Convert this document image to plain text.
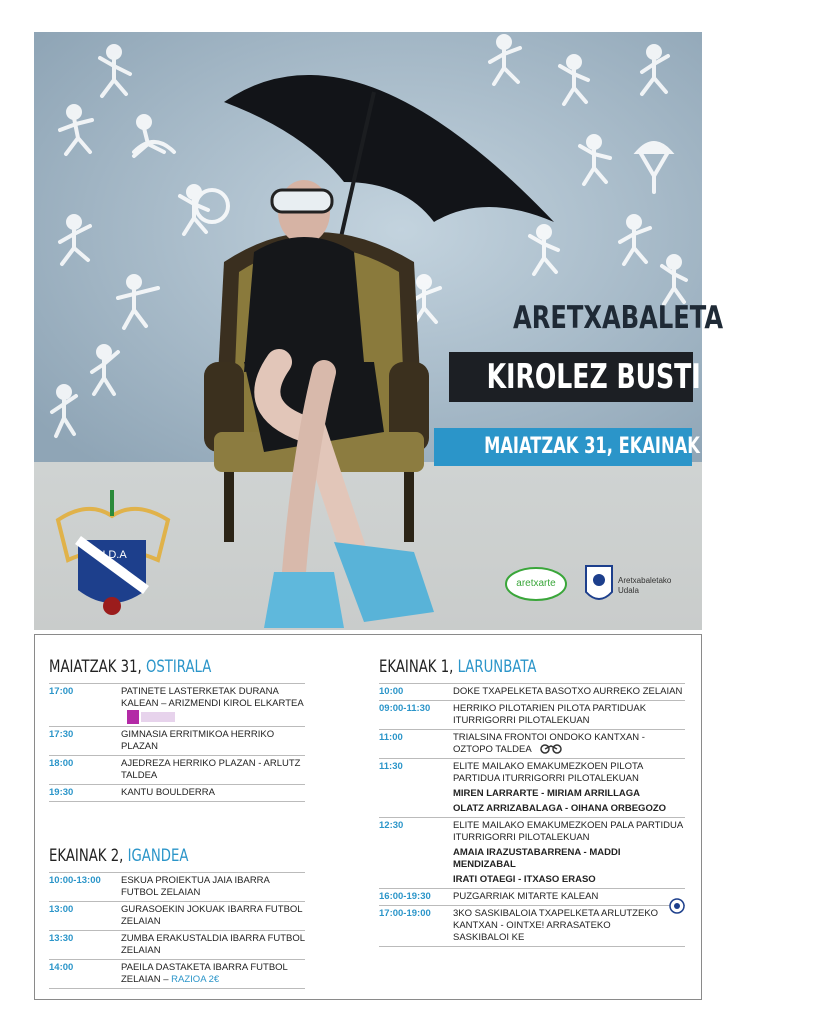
ARETXABALETA
KIROLEZ BUSTI
MAIATZAK 31, EKAINAK 1 eta 2
U.D.A
aretxarte	Aretxabaletako
Udala
MAIATZAK 31, OSTIRALA
17:00	PATINETE LASTERKETAK DURANA KALEAN – ARIZMENDI KIROL ELKARTEA
17:30	GIMNASIA ERRITMIKOA HERRIKO PLAZAN
18:00	AJEDREZA HERRIKO PLAZAN - ARLUTZ TALDEA
19:30	KANTU BOULDERRA
EKAINAK 2, IGANDEA
10:00-13:00	ESKUA PROIEKTUA JAIA IBARRA FUTBOL ZELAIAN
13:00	GURASOEKIN JOKUAK IBARRA FUTBOL ZELAIAN
13:30	ZUMBA ERAKUSTALDIA IBARRA FUTBOL ZELAIAN
14:00	PAEILA DASTAKETA IBARRA FUTBOL ZELAIAN – RAZIOA 2€
EKAINAK 1, LARUNBATA
10:00	DOKE TXAPELKETA BASOTXO AURREKO ZELAIAN
09:00-11:30	HERRIKO PILOTARIEN PILOTA PARTIDUAK ITURRIGORRI PILOTALEKUAN
11:00	TRIALSINA FRONTOI ONDOKO KANTXAN - OZTOPO TALDEA
11:30	ELITE MAILAKO EMAKUMEZKOEN PILOTA PARTIDUA ITURRIGORRI PILOTALEKUAN
MIREN LARRARTE - MIRIAM ARRILLAGA
OLATZ ARRIZABALAGA - OIHANA ORBEGOZO
12:30	ELITE MAILAKO EMAKUMEZKOEN PALA PARTIDUA ITURRIGORRI PILOTALEKUAN
AMAIA IRAZUSTABARRENA - MADDI MENDIZABAL
IRATI OTAEGI - ITXASO ERASO
16:00-19:30	PUZGARRIAK MITARTE KALEAN
17:00-19:00	3KO SASKIBALOIA TXAPELKETA ARLUTZEKO KANTXAN - OINTXE! ARRASATEKO SASKIBALOI KE
